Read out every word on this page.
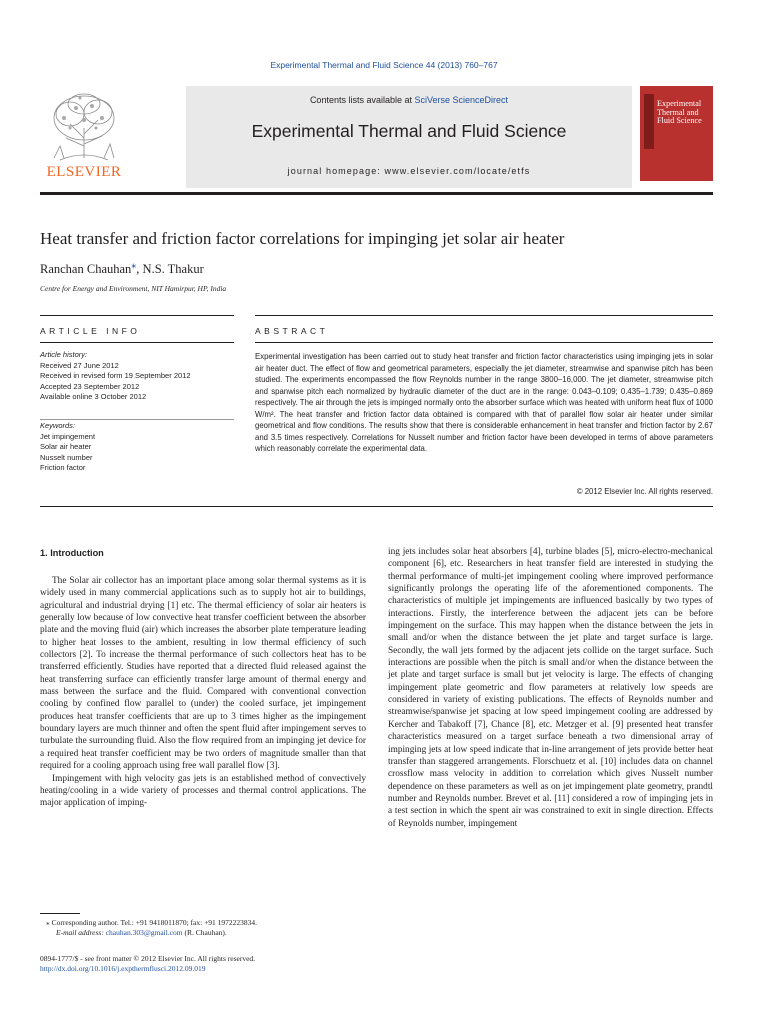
Experimental Thermal and Fluid Science 44 (2013) 760–767
Contents lists available at SciVerse ScienceDirect
Experimental Thermal and Fluid Science
journal homepage: www.elsevier.com/locate/etfs
ELSEVIER
Experimental
Thermal and
Fluid Science
Heat transfer and friction factor correlations for impinging jet solar air heater
Ranchan Chauhan⁎, N.S. Thakur
Centre for Energy and Environment, NIT Hamirpur, HP, India
ARTICLE INFO
Article history:
Received 27 June 2012
Received in revised form 19 September 2012
Accepted 23 September 2012
Available online 3 October 2012
Keywords:
Jet impingement
Solar air heater
Nusselt number
Friction factor
ABSTRACT

Experimental investigation has been carried out to study heat transfer and friction factor characteristics using impinging jets in solar air heater duct. The effect of flow and geometrical parameters, especially the jet diameter, streamwise and spanwise pitch has been studied. The experiments encompassed the flow Reynolds number in the range 3800–16,000. The jet diameter, streamwise pitch and spanwise pitch each normalized by hydraulic diameter of the duct are in the range: 0.043–0.109; 0.435–1.739; 0.435–0.869 respectively. The air through the jets is impinged normally onto the absorber surface which was heated with uniform heat flux of 1000 W/m². The heat transfer and friction factor data obtained is compared with that of parallel flow solar air heater under similar geometrical and flow conditions. The results show that there is considerable enhancement in heat transfer and friction factor by 2.67 and 3.5 times respectively. Correlations for Nusselt number and friction factor have been developed in terms of above parameters which reasonably correlate the experimental data.

© 2012 Elsevier Inc. All rights reserved.
1. Introduction

The Solar air collector has an important place among solar thermal systems as it is widely used in many commercial applications such as to supply hot air to buildings, agricultural and industrial drying [1] etc. The thermal efficiency of solar air heaters is generally low because of low convective heat transfer coefficient between the absorber plate and the moving fluid (air) which increases the absorber plate temperature leading to higher heat losses to the ambient, resulting in low thermal efficiency of such collectors [2]. To increase the thermal performance of such collectors heat has to be transferred efficiently. Studies have reported that a directed fluid released against the heat transferring surface can efficiently transfer large amount of thermal energy and mass between the surface and the fluid. Compared with conventional convection cooling by confined flow parallel to (under) the cooled surface, jet impingement produces heat transfer coefficients that are up to 3 times higher as the impingement boundary layers are much thinner and often the spent fluid after impingement serves to turbulate the surrounding fluid. Also the flow required from an impinging jet device for a required heat transfer coefficient may be two orders of magnitude smaller than that required for a cooling approach using free wall parallel flow [3].

Impingement with high velocity gas jets is an established method of convectively heating/cooling in a wide variety of processes and thermal control applications. The major application of imping-

ing jets includes solar heat absorbers [4], turbine blades [5], micro-electro-mechanical component [6], etc. Researchers in heat transfer field are interested in studying the thermal performance of multi-jet impingement cooling where improved performance significantly prolongs the operating life of the aforementioned components. The characteristics of multiple jet impingements are influenced basically by two types of interactions. Firstly, the interference between the adjacent jets can be before impingement on the surface. This may happen when the distance between the jets in small and/or when the distance between the jet plate and target surface is large. Secondly, the wall jets formed by the adjacent jets collide on the target surface. Such interactions are possible when the pitch is small and/or when the distance between the jet plate and target surface is small but jet velocity is large. The effects of changing impingement plate geometric and flow parameters at relatively low speeds are considered in variety of existing publications. The effects of Reynolds number and streamwise/spanwise jet spacing at low speed impingement cooling are addressed by Kercher and Tabakoff [7], Chance [8], etc. Metzger et al. [9] presented heat transfer characteristics measured on a target surface beneath a two dimensional array of impinging jets at low speed indicate that in-line arrangement of jets provide better heat transfer than staggered arrangements. Florschuetz et al. [10] includes data on channel crossflow mass velocity in addition to correlation which gives Nusselt number dependence on these parameters as well as on jet impingement plate geometry, prandtl number and Reynolds number. Brevet et al. [11] considered a row of impinging jets in a test section in which the spent air was constrained to exit in single direction. Effects of Reynolds number, impingement

⁎ Corresponding author. Tel.: +91 9418011870; fax: +91 1972223834.
E-mail address: chauhan.303@gmail.com (R. Chauhan).
0894-1777/$ - see front matter © 2012 Elsevier Inc. All rights reserved.
http://dx.doi.org/10.1016/j.expthermflusci.2012.09.019
